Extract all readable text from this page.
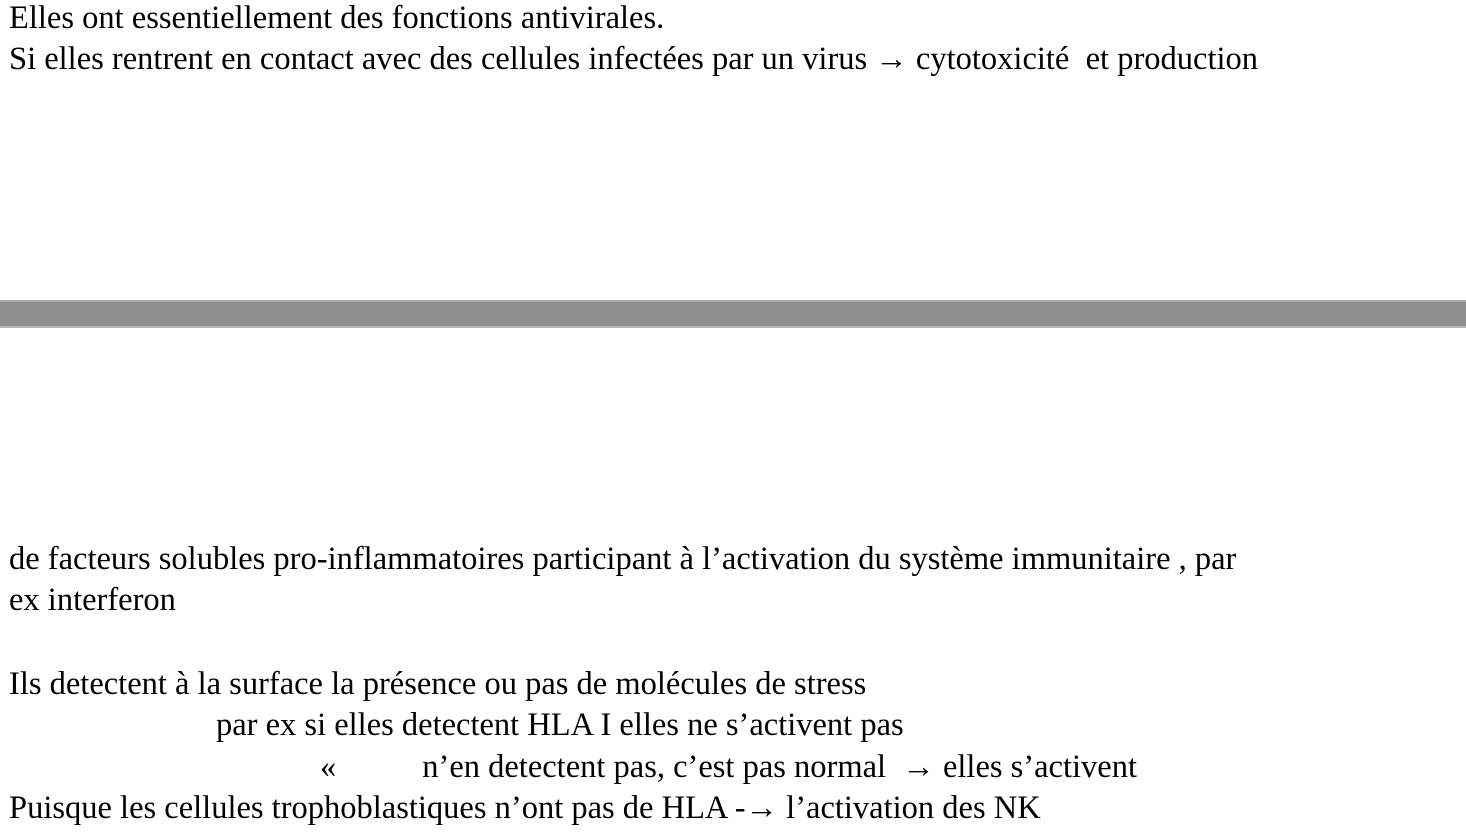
Elles ont essentiellement des fonctions antivirales.
Si elles rentrent en contact avec des cellules infectées par un virus → cytotoxicité  et production
de facteurs solubles pro-inflammatoires participant à l’activation du système immunitaire , par
ex interferon
Ils detectent à la surface la présence ou pas de molécules de stress
par ex si elles detectent HLA I elles ne s’activent pas
«	n’en detectent pas, c’est pas normal  → elles s’activent
Puisque les cellules trophoblastiques n’ont pas de HLA -→ l’activation des NK
